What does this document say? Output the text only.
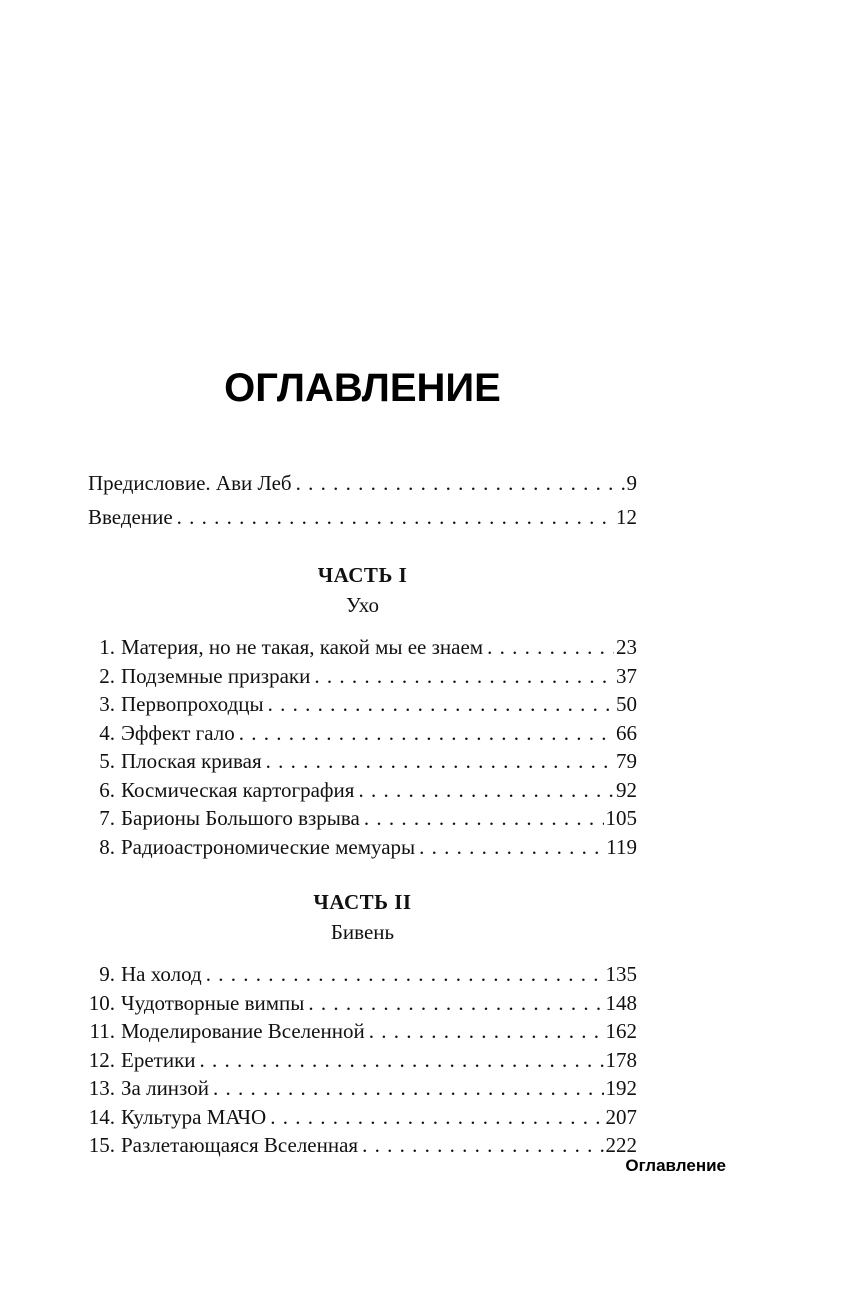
ОГЛАВЛЕНИЕ
Предисловие. Ави Леб . . .	9
Введение . . .	12
ЧАСТЬ I
Ухо
1. Материя, но не такая, какой мы ее знаем . . .	23
2. Подземные призраки . . .	37
3. Первопроходцы . . .	50
4. Эффект гало . . .	66
5. Плоская кривая . . .	79
6. Космическая картография . . .	92
7. Барионы Большого взрыва . . .	105
8. Радиоастрономические мемуары . . .	119
ЧАСТЬ II
Бивень
9. На холод . . .	135
10. Чудотворные вимпы . . .	148
11. Моделирование Вселенной . . .	162
12. Еретики . . .	178
13. За линзой . . .	192
14. Культура МАЧО . . .	207
15. Разлетающаяся Вселенная . . .	222
Оглавление
